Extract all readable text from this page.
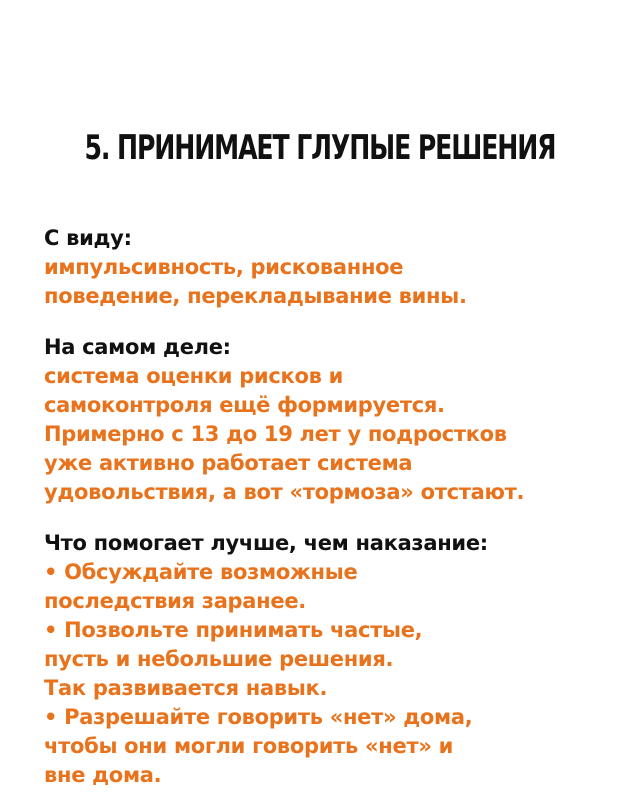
5. ПРИНИМАЕТ ГЛУПЫЕ РЕШЕНИЯ
С виду:
импульсивность, рискованное
поведение, перекладывание вины.
На самом деле:
система оценки рисков и
самоконтроля ещё формируется.
Примерно с 13 до 19 лет у подростков
уже активно работает система
удовольствия, а вот «тормоза» отстают.
Что помогает лучше, чем наказание:
• Обсуждайте возможные
последствия заранее.
• Позвольте принимать частые,
пусть и небольшие решения.
Так развивается навык.
• Разрешайте говорить «нет» дома,
чтобы они могли говорить «нет» и
вне дома.
